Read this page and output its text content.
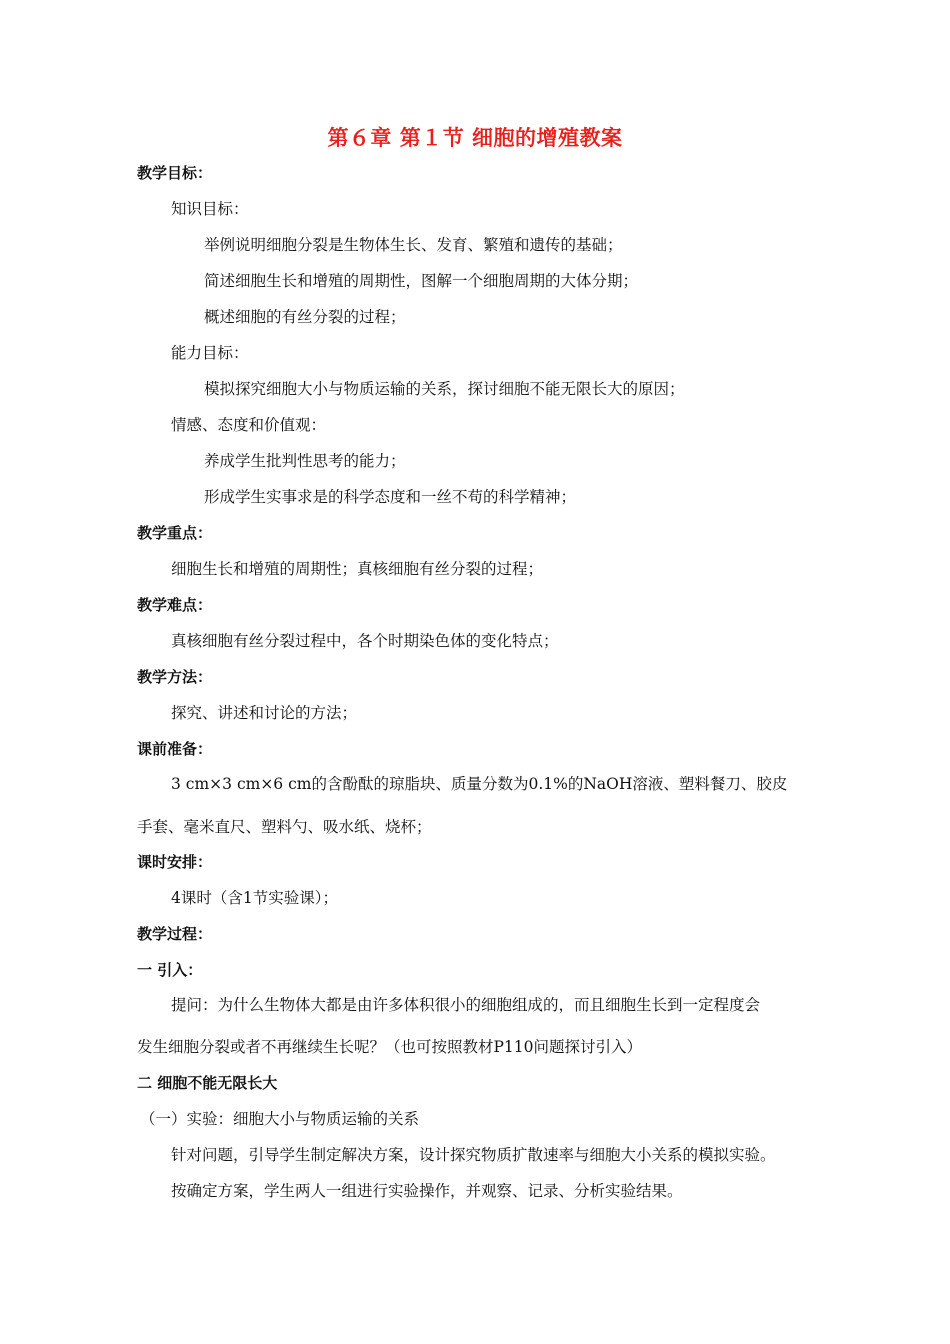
第６章 第１节 细胞的增殖教案
教学目标：
知识目标：
举例说明细胞分裂是生物体生长、发育、繁殖和遗传的基础；
简述细胞生长和增殖的周期性，图解一个细胞周期的大体分期；
概述细胞的有丝分裂的过程；
能力目标：
模拟探究细胞大小与物质运输的关系，探讨细胞不能无限长大的原因；
情感、态度和价值观：
养成学生批判性思考的能力；
形成学生实事求是的科学态度和一丝不苟的科学精神；
教学重点：
细胞生长和增殖的周期性；真核细胞有丝分裂的过程；
教学难点：
真核细胞有丝分裂过程中，各个时期染色体的变化特点；
教学方法：
探究、讲述和讨论的方法；
课前准备：
3 cm×3 cm×6 cm的含酚酞的琼脂块、质量分数为0.1%的NaOH溶液、塑料餐刀、胶皮
手套、毫米直尺、塑料勺、吸水纸、烧杯；
课时安排：
4课时（含1节实验课）；
教学过程：
一 引入：
提问：为什么生物体大都是由许多体积很小的细胞组成的，而且细胞生长到一定程度会
发生细胞分裂或者不再继续生长呢？（也可按照教材P110问题探讨引入）
二 细胞不能无限长大
（一）实验：细胞大小与物质运输的关系
针对问题，引导学生制定解决方案，设计探究物质扩散速率与细胞大小关系的模拟实验。
按确定方案，学生两人一组进行实验操作，并观察、记录、分析实验结果。
